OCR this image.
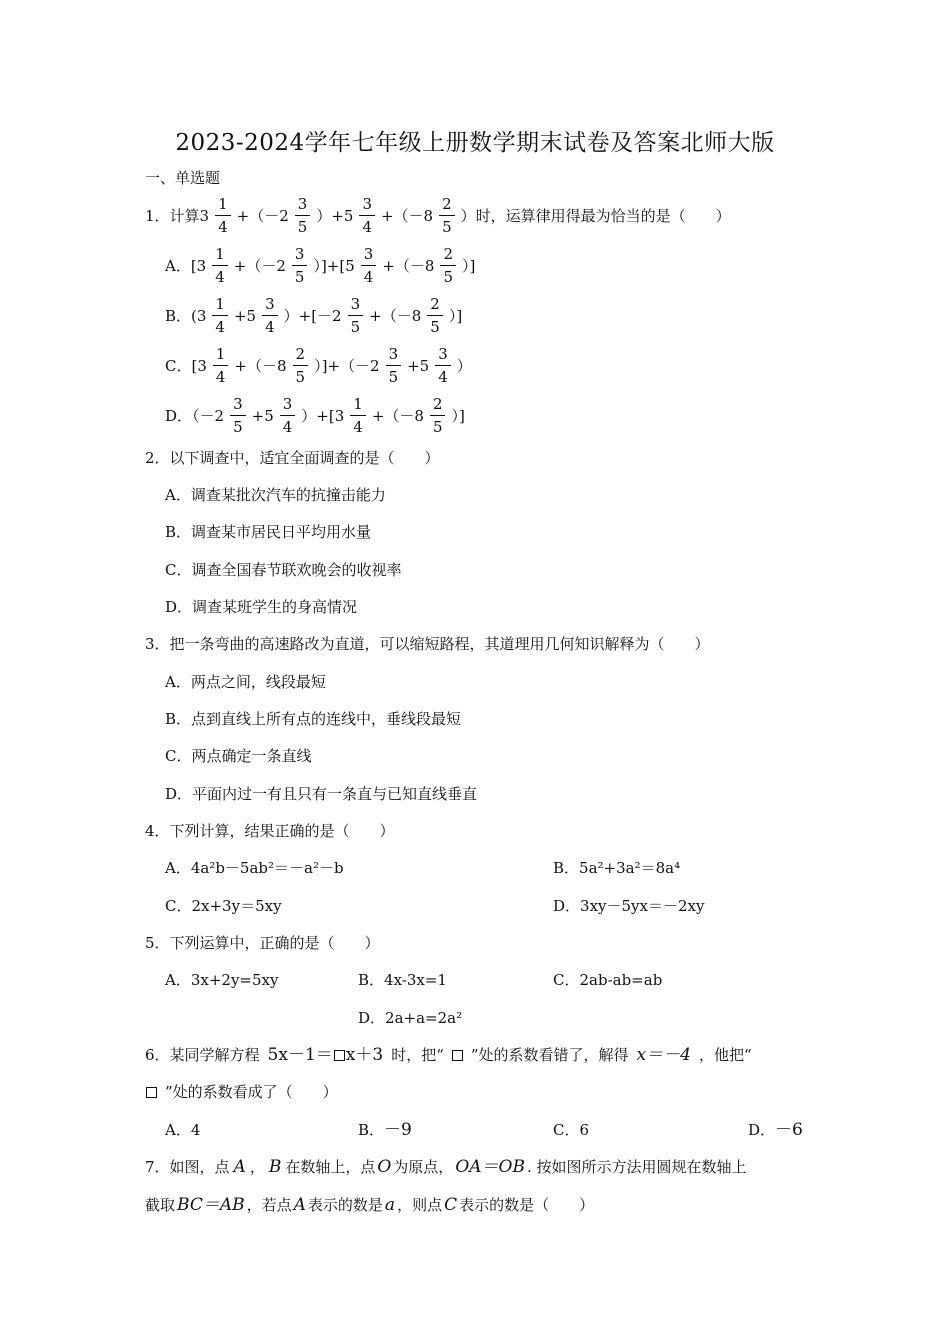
2023-2024学年七年级上册数学期末试卷及答案北师大版
一、单选题
1．计算$3 \frac{1}{4} +(-2 \frac{3}{5} )+5 \frac{3}{4} +(-8 \frac{2}{5}$ ）时，运算律用得最为恰当的是（　　）
A．$[3 \frac{1}{4} +(-2 \frac{3}{5} )]+[5 \frac{3}{4} +(-8 \frac{2}{5}$ ）]
B．$(3 \frac{1}{4} +5 \frac{3}{4} )+[-2 \frac{3}{5} +(-8 \frac{2}{5}$ ）]
C．$[3 \frac{1}{4} +(-8 \frac{2}{5} )]+(-2 \frac{3}{5} +5 \frac{3}{4}$ ）
D．$(-2 \frac{3}{5} +5 \frac{3}{4} )+[3 \frac{1}{4} +(-8 \frac{2}{5}$ ）]
2．以下调查中，适宜全面调查的是（　　）
A．调查某批次汽车的抗撞击能力
B．调查某市居民日平均用水量
C．调查全国春节联欢晚会的收视率
D．调查某班学生的身高情况
3．把一条弯曲的高速路改为直道，可以缩短路程，其道理用几何知识解释为（　　）
A．两点之间，线段最短
B．点到直线上所有点的连线中，垂线段最短
C．两点确定一条直线
D．平面内过一有且只有一条直与已知直线垂直
4．下列计算，结果正确的是（　　）
A．4a²b－5ab²＝－a²－b	B．5a²+3a²＝8a⁴
C．2x+3y＝5xy	D．3xy－5yx＝－2xy
5．下列运算中，正确的是（　　）
A．3x+2y=5xy	B．4x-3x=1	C．2ab-ab=ab
D．2a+a=2a²
6．某同学解方程 5x－1＝ x＋3 时，把“ ”处的系数看错了，解得 x＝－4 ，他把“
”处的系数看成了（　　）
A．4	B． －9	C．6	D． －6
7．如图，点 A ， B 在数轴上，点 O 为原点， OA＝OB . 按如图所示方法用圆规在数轴上
截取 BC＝AB ，若点 A 表示的数是 a ，则点 C 表示的数是（　　）
